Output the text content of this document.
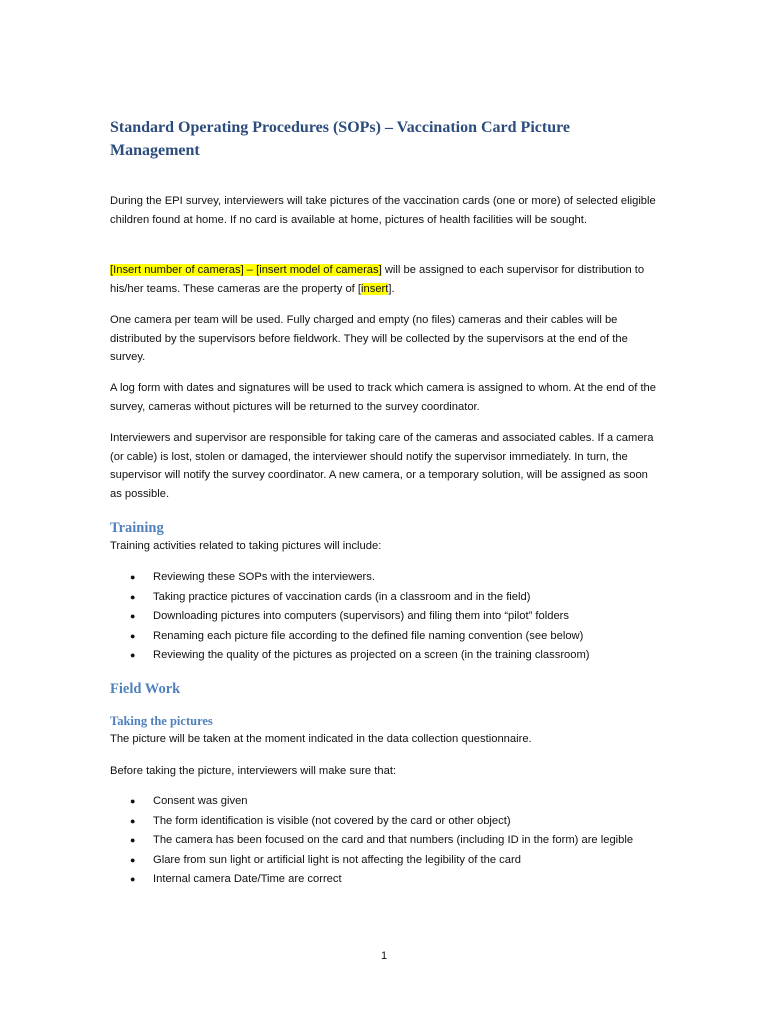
Standard Operating Procedures (SOPs) – Vaccination Card Picture Management

During the EPI survey, interviewers will take pictures of the vaccination cards (one or more) of selected eligible children found at home. If no card is available at home, pictures of health facilities will be sought.

[Insert number of cameras] – [insert model of cameras] will be assigned to each supervisor for distribution to his/her teams. These cameras are the property of [insert].

One camera per team will be used. Fully charged and empty (no files) cameras and their cables will be distributed by the supervisors before fieldwork. They will be collected by the supervisors at the end of the survey.

A log form with dates and signatures will be used to track which camera is assigned to whom. At the end of the survey, cameras without pictures will be returned to the survey coordinator.

Interviewers and supervisor are responsible for taking care of the cameras and associated cables. If a camera (or cable) is lost, stolen or damaged, the interviewer should notify the supervisor immediately. In turn, the supervisor will notify the survey coordinator. A new camera, or a temporary solution, will be assigned as soon as possible.

Training

Training activities related to taking pictures will include:

● Reviewing these SOPs with the interviewers.
● Taking practice pictures of vaccination cards (in a classroom and in the field)
● Downloading pictures into computers (supervisors) and filing them into “pilot” folders
● Renaming each picture file according to the defined file naming convention (see below)
● Reviewing the quality of the pictures as projected on a screen (in the training classroom)
Field Work
Taking the pictures

The picture will be taken at the moment indicated in the data collection questionnaire.

Before taking the picture, interviewers will make sure that:

● Consent was given
● The form identification is visible (not covered by the card or other object)
● The camera has been focused on the card and that numbers (including ID in the form) are legible
● Glare from sun light or artificial light is not affecting the legibility of the card
● Internal camera Date/Time are correct

1
